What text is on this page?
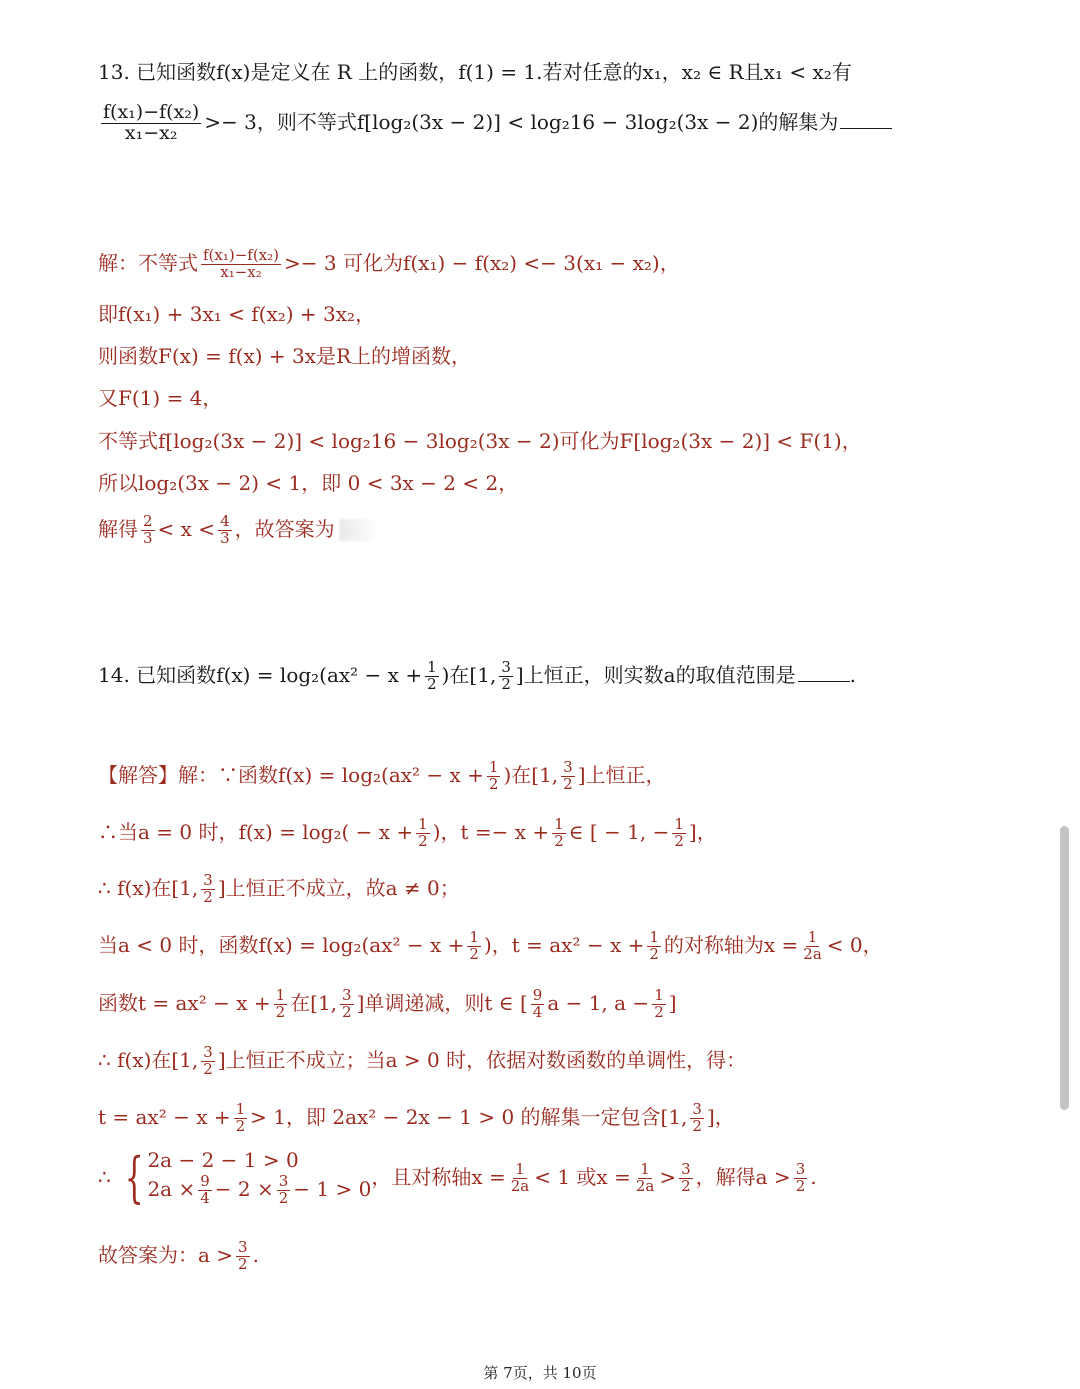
13. 已知函数f(x)是定义在 R 上的函数，f(1) = 1.若对任意的x₁，x₂ ∈ R且x₁ < x₂有
$\frac{\text{f(x₁)−f(x₂)}}{\text{x₁−x₂}} >- 3$，则不等式f[log₂(3x − 2)] < log₂16 − 3log₂(3x − 2)的解集为
解：不等式 $\frac{\text{f(x₁)−f(x₂)}}{\text{x₁−x₂}} >- 3$ 可化为f(x₁) − f(x₂) <− 3(x₁ − x₂)，
即f(x₁) + 3x₁ < f(x₂) + 3x₂，
则函数F(x) = f(x) + 3x是R上的增函数，
又F(1) = 4，
不等式f[log₂(3x − 2)] < log₂16 − 3log₂(3x − 2)可化为F[log₂(3x − 2)] < F(1)，
所以log₂(3x − 2) < 1，即 0 < 3x − 2 < 2，
解得 $\frac{2}{3} < x < \frac{4}{3}$ ，故答案为
14. 已知函数$f(x) = \log_2(ax^2 - x + \frac{1}{2}$ )在[1, $\frac{3}{2}$ ]上恒正，则实数a的取值范围是	.
【解答】解：∵函数$f(x) = \log_2(ax^2 - x + \frac{1}{2}$ )在[1, $\frac{3}{2}$ ]上恒正，
∴当a = 0 时，$f(x) = \log_2( - x + \frac{1}{2}$ )，$t =- x + \frac{1}{2}$ ∈ [ − 1, − $\frac{1}{2}$ ]，
∴ f(x)在[1, $\frac{3}{2}$ ]上恒正不成立，故a ≠ 0；
当a < 0 时，函数$f(x) = \log_2(ax^2 - x + \frac{1}{2}$ )，$t = ax^2 - x + \frac{1}{2}$ 的对称轴为$x = \frac{1}{2a} < 0$，
函数$t = ax^2 - x + \frac{1}{2}$ 在[1, $\frac{3}{2}$ ]单调递减，则t ∈ [ $\frac{9}{4}$ a − 1, $a - \frac{1}{2}$ ]
∴ f(x)在[1, $\frac{3}{2}$ ]上恒正不成立；当a > 0 时，依据对数函数的单调性，得：
$t = ax^2 - x + \frac{1}{2} > 1$，即 2ax² − 2x − 1 > 0 的解集一定包含[1, $\frac{3}{2}$ ]，
∴ { 2a − 2 − 1 > 0
$2a \times \frac{9}{4} - 2 \times \frac{3}{2} - 1 > 0$ ，且对称轴$x = \frac{1}{2a} < 1$ 或$x = \frac{1}{2a} > \frac{3}{2}$ ，解得$a > \frac{3}{2}$ .
故答案为：$a > \frac{3}{2}$ .
第 7页，共 10页
